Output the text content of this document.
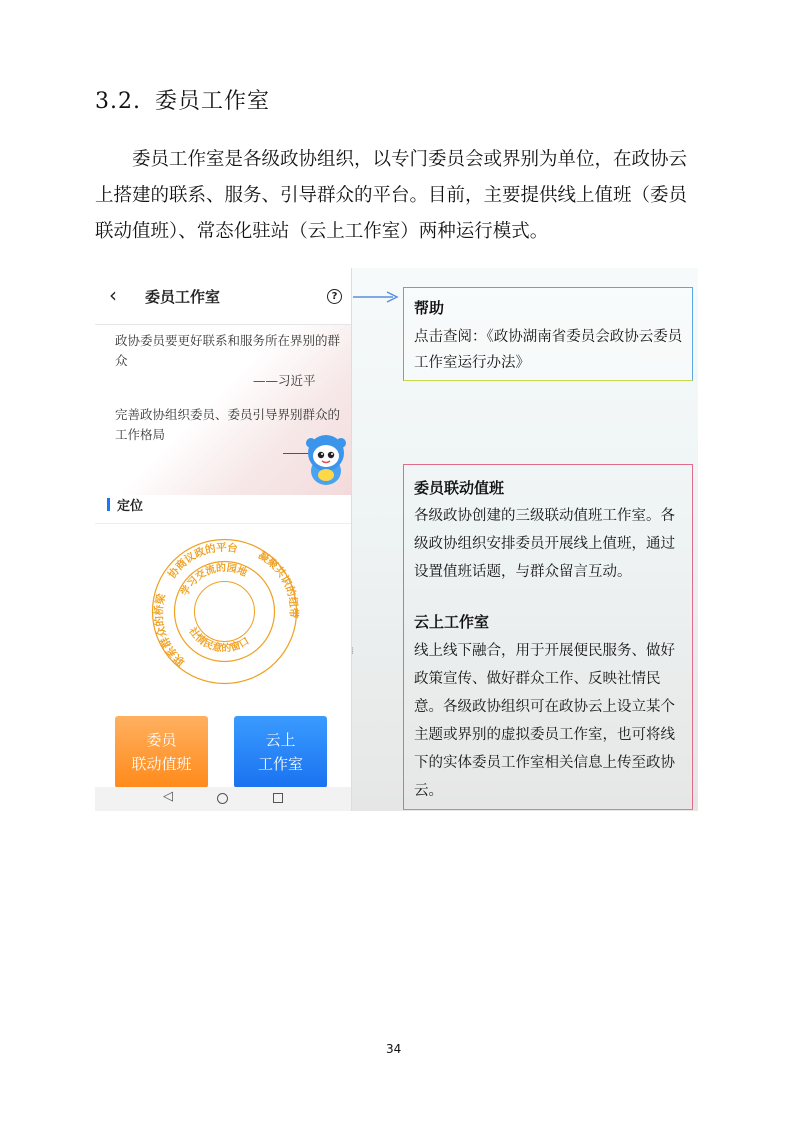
3.2. 委员工作室

　　委员工作室是各级政协组织，以专门委员会或界别为单位，在政协云

上搭建的联系、服务、引导群众的平台。目前，主要提供线上值班（委员

联动值班）、常态化驻站（云上工作室）两种运行模式。

‹ 委员工作室	?
政协委员要更好联系和服务所在界别的群众
——习近平
完善政协组织委员、委员引导界别群众的工作格局
定位
协商议政的平台
凝聚共识的纽带
联系群众的桥梁
学习交流的园地
社情民意的窗口
委员
联动值班
云上
工作室
◁
帮助
点击查阅：《政协湖南省委员会政协云委员工作室运行办法》
⁞
委员联动值班
各级政协创建的三级联动值班工作室。各级政协组织安排委员开展线上值班，通过设置值班话题，与群众留言互动。
云上工作室
线上线下融合，用于开展便民服务、做好政策宣传、做好群众工作、反映社情民意。各级政协组织可在政协云上设立某个主题或界别的虚拟委员工作室，也可将线下的实体委员工作室相关信息上传至政协云。
34
